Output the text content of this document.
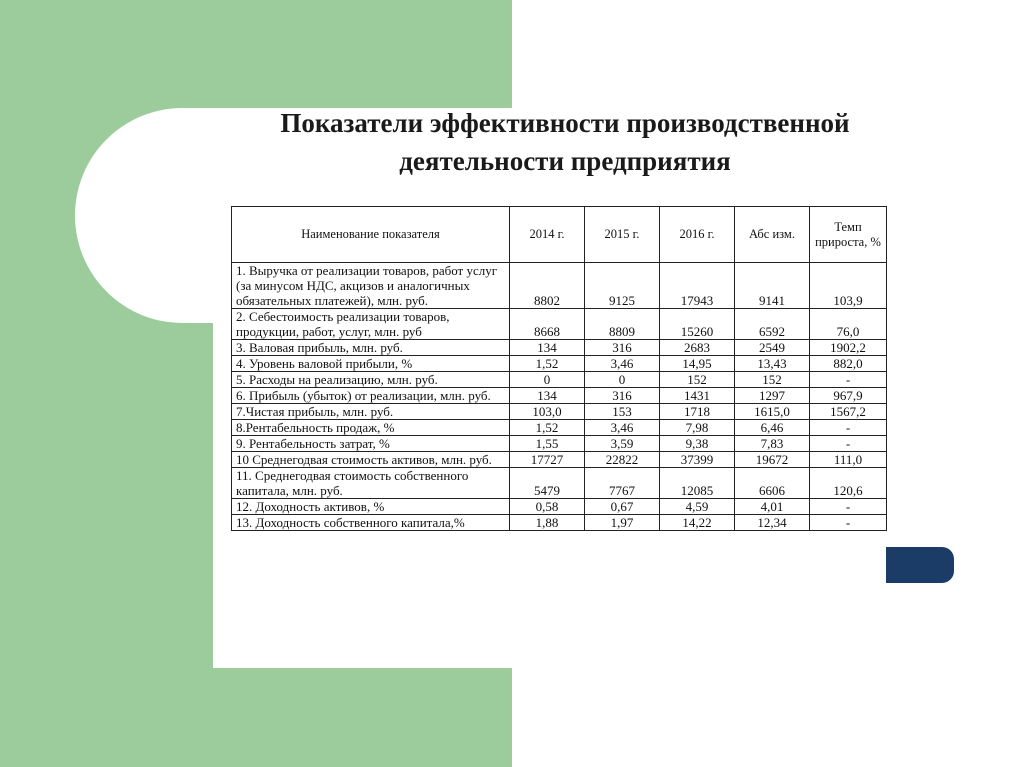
Показатели эффективности производственной
деятельности предприятия
Наименование показателя	2014 г.	2015 г.	2016 г.	Абс изм.	Темп прироста, %
1. Выручка от реализации товаров, работ услуг (за минусом НДС, акцизов и аналогичных обязательных платежей), млн. руб.	8802	9125	17943	9141	103,9
2. Себестоимость реализации товаров, продукции, работ, услуг, млн. руб	8668	8809	15260	6592	76,0
3. Валовая прибыль, млн. руб.	134	316	2683	2549	1902,2
4. Уровень валовой прибыли, %	1,52	3,46	14,95	13,43	882,0
5. Расходы на реализацию, млн. руб.	0	0	152	152	-
6. Прибыль (убыток) от реализации, млн. руб.	134	316	1431	1297	967,9
7.Чистая прибыль, млн. руб.	103,0	153	1718	1615,0	1567,2
8.Рентабельность продаж, %	1,52	3,46	7,98	6,46	-
9. Рентабельность затрат, %	1,55	3,59	9,38	7,83	-
10 Среднегодвая стоимость активов, млн. руб.	17727	22822	37399	19672	111,0
11. Среднегодвая стоимость собственного капитала, млн. руб.	5479	7767	12085	6606	120,6
12. Доходность активов, %	0,58	0,67	4,59	4,01	-
13. Доходность собственного капитала,%	1,88	1,97	14,22	12,34	-
